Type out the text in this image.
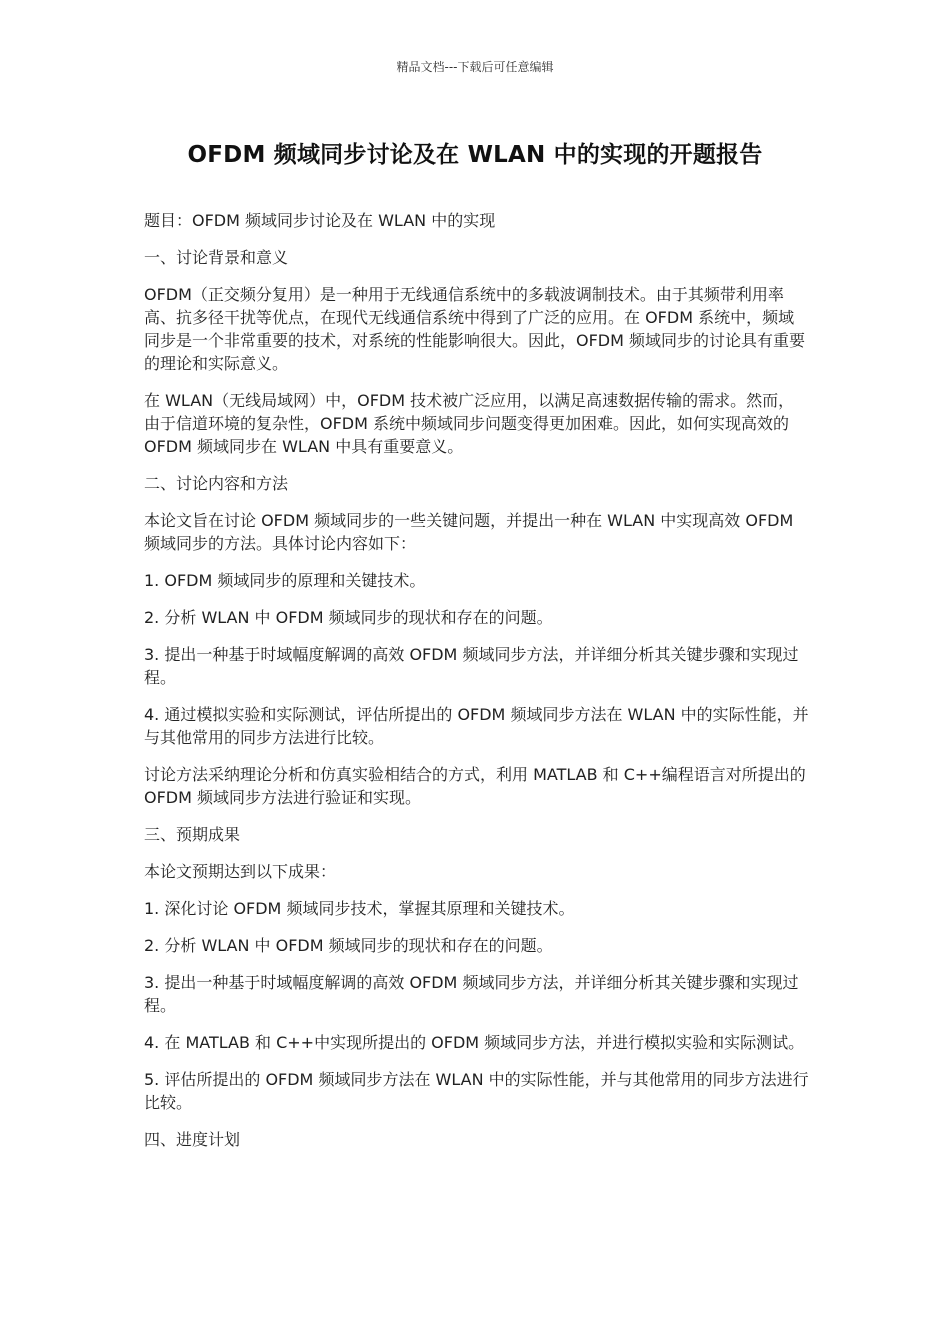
精品文档---下载后可任意编辑
OFDM 频域同步讨论及在 WLAN 中的实现的开题报告

题目：OFDM 频域同步讨论及在 WLAN 中的实现

一、讨论背景和意义

OFDM（正交频分复用）是一种用于无线通信系统中的多载波调制技术。由于其频带利用率高、抗多径干扰等优点，在现代无线通信系统中得到了广泛的应用。在 OFDM 系统中，频域同步是一个非常重要的技术，对系统的性能影响很大。因此，OFDM 频域同步的讨论具有重要的理论和实际意义。

在 WLAN（无线局域网）中，OFDM 技术被广泛应用，以满足高速数据传输的需求。然而，由于信道环境的复杂性，OFDM 系统中频域同步问题变得更加困难。因此，如何实现高效的 OFDM 频域同步在 WLAN 中具有重要意义。

二、讨论内容和方法

本论文旨在讨论 OFDM 频域同步的一些关键问题，并提出一种在 WLAN 中实现高效 OFDM 频域同步的方法。具体讨论内容如下：

1. OFDM 频域同步的原理和关键技术。

2. 分析 WLAN 中 OFDM 频域同步的现状和存在的问题。

3. 提出一种基于时域幅度解调的高效 OFDM 频域同步方法，并详细分析其关键步骤和实现过程。

4. 通过模拟实验和实际测试，评估所提出的 OFDM 频域同步方法在 WLAN 中的实际性能，并与其他常用的同步方法进行比较。

讨论方法采纳理论分析和仿真实验相结合的方式，利用 MATLAB 和 C++编程语言对所提出的 OFDM 频域同步方法进行验证和实现。

三、预期成果

本论文预期达到以下成果：

1. 深化讨论 OFDM 频域同步技术，掌握其原理和关键技术。

2. 分析 WLAN 中 OFDM 频域同步的现状和存在的问题。

3. 提出一种基于时域幅度解调的高效 OFDM 频域同步方法，并详细分析其关键步骤和实现过程。

4. 在 MATLAB 和 C++中实现所提出的 OFDM 频域同步方法，并进行模拟实验和实际测试。

5. 评估所提出的 OFDM 频域同步方法在 WLAN 中的实际性能，并与其他常用的同步方法进行比较。

四、进度计划
